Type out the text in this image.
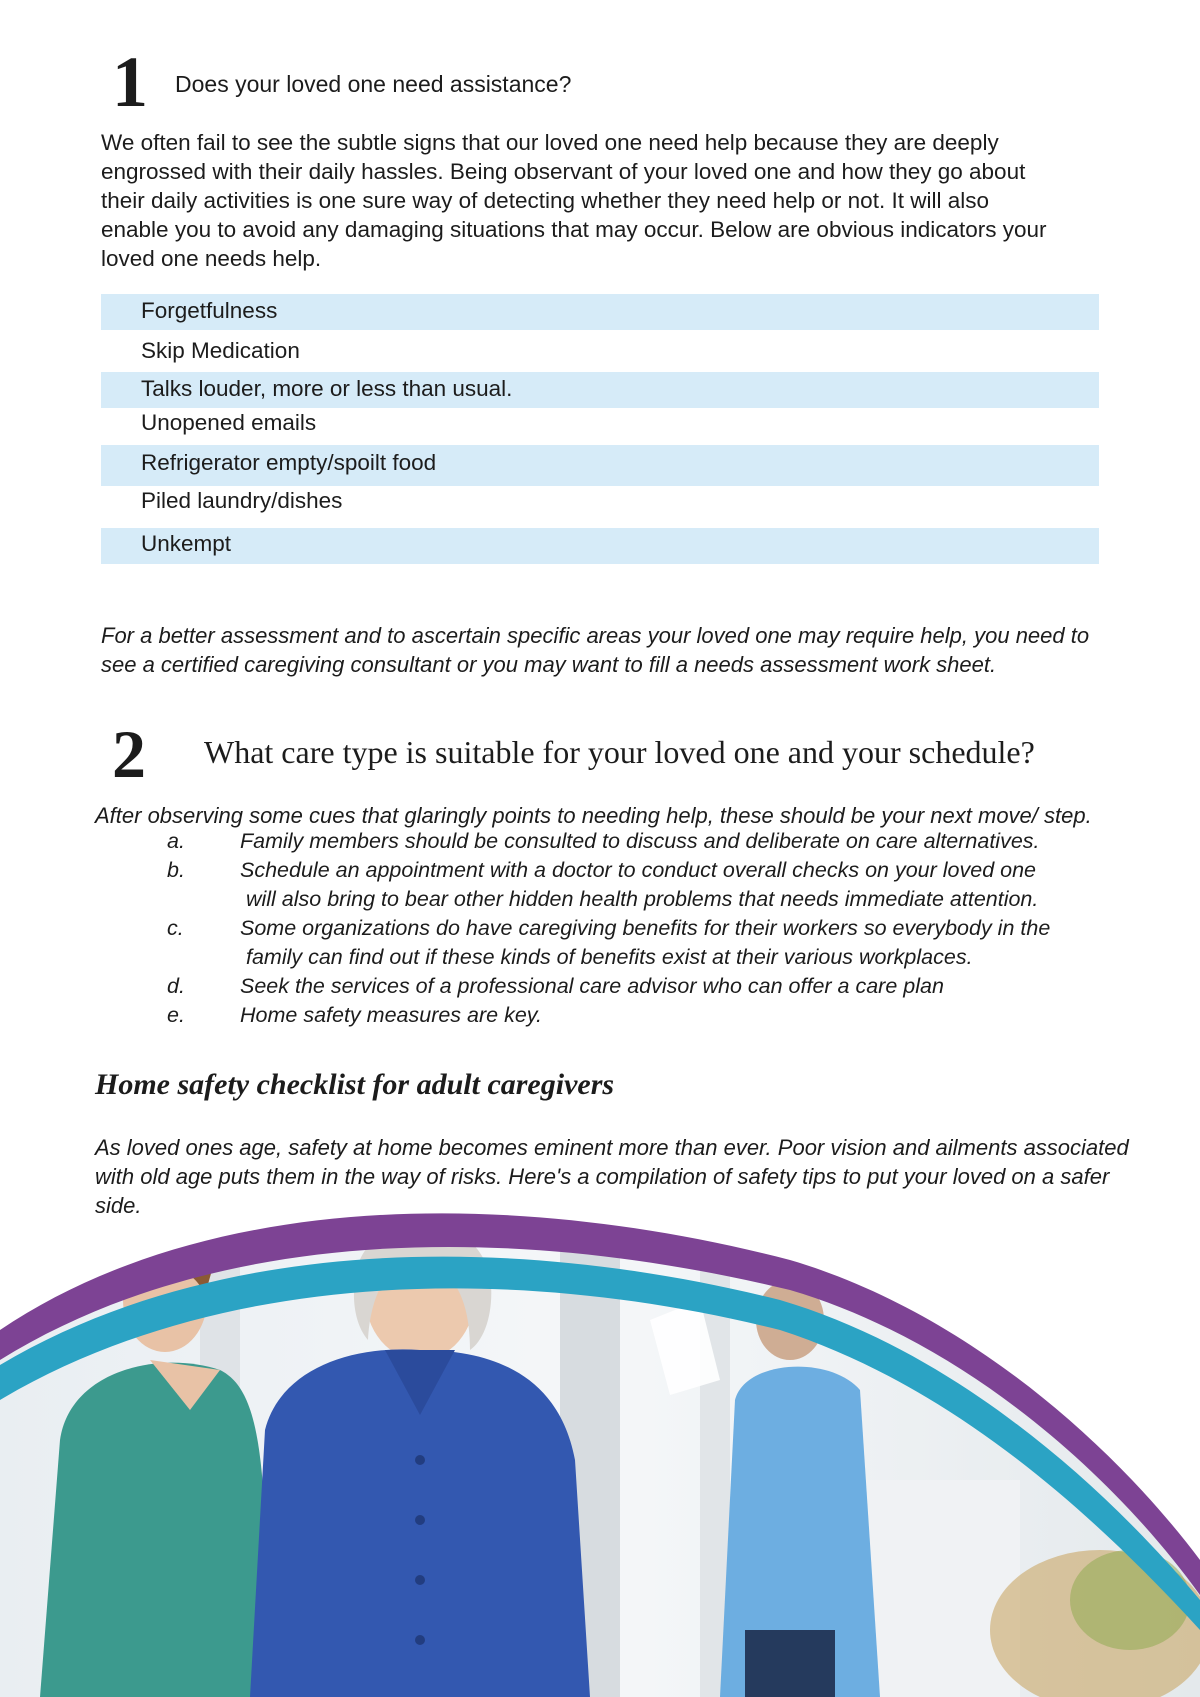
1 Does your loved one need assistance?
We often fail to see the subtle signs that our loved one need help because they are deeply
engrossed with their daily hassles. Being observant of your loved one and how they go about
their daily activities is one sure way of detecting whether they need help or not. It will also
enable you to avoid any damaging situations that may occur. Below are obvious indicators your
loved one needs help.
Forgetfulness
Skip Medication
Talks louder, more or less than usual.
Unopened emails
Refrigerator empty/spoilt food
Piled laundry/dishes
Unkempt
For a better assessment and to ascertain specific areas your loved one may require help, you need to
see a certified caregiving consultant or you may want to fill a needs assessment work sheet.
2 What care type is suitable for your loved one and your schedule?
After observing some cues that glaringly points to needing help, these should be your next move/ step.
a.	Family members should be consulted to discuss and deliberate on care alternatives.
b.	Schedule an appointment with a doctor to conduct overall checks on your loved one
will also bring to bear other hidden health problems that needs immediate attention.
c.	Some organizations do have caregiving benefits for their workers so everybody in the
family can find out if these kinds of benefits exist at their various workplaces.
d.	Seek the services of a professional care advisor who can offer a care plan
e.	Home safety measures are key.
Home safety checklist for adult caregivers
As loved ones age, safety at home becomes eminent more than ever. Poor vision and ailments associated
with old age puts them in the way of risks. Here's a compilation of safety tips to put your loved on a safer
side.
